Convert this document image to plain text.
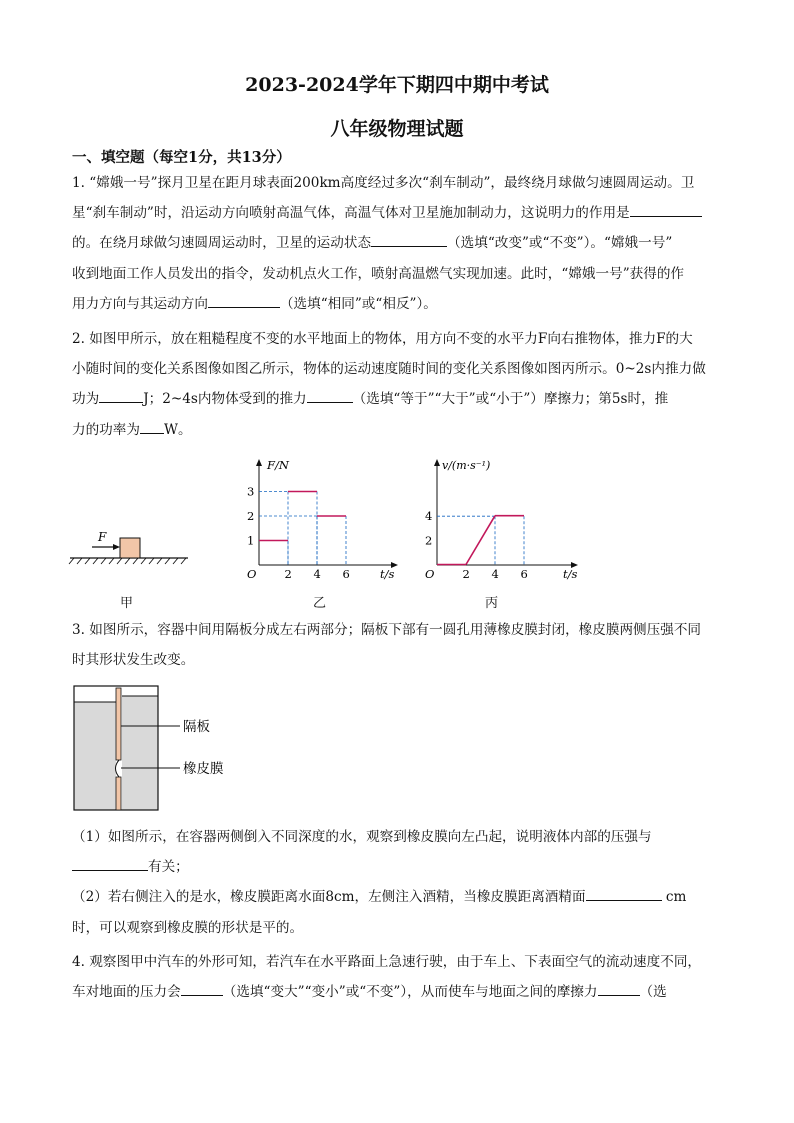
2023-2024学年下期四中期中考试
八年级物理试题
一、填空题（每空1分，共13分）
1. “嫦娥一号”探月卫星在距月球表面200km高度经过多次“刹车制动”，最终绕月球做匀速圆周运动。卫
星“刹车制动”时，沿运动方向喷射高温气体，高温气体对卫星施加制动力，这说明力的作用是
的。在绕月球做匀速圆周运动时，卫星的运动状态	（选填“改变”或“不变”）。“嫦娥一号”
收到地面工作人员发出的指令，发动机点火工作，喷射高温燃气实现加速。此时，“嫦娥一号”获得的作
用力方向与其运动方向	（选填“相同”或“相反”）。
2. 如图甲所示，放在粗糙程度不变的水平地面上的物体，用方向不变的水平力F向右推物体，推力F的大
小随时间的变化关系图像如图乙所示，物体的运动速度随时间的变化关系图像如图丙所示。0~2s内推力做
功为	J；2~4s内物体受到的推力	（选填“等于”“大于”或“小于”）摩擦力；第5s时，推
力的功率为 W。
F
甲
F/N
t/s
O 2 4 6
1
2
3
乙
v/(m·s⁻¹)
t/s
O 2 4 6
2
4
丙
3. 如图所示，容器中间用隔板分成左右两部分；隔板下部有一圆孔用薄橡皮膜封闭，橡皮膜两侧压强不同
时其形状发生改变。
隔板
橡皮膜
（1）如图所示，在容器两侧倒入不同深度的水，观察到橡皮膜向左凸起，说明液体内部的压强与
有关；
（2）若右侧注入的是水，橡皮膜距离水面8cm，左侧注入酒精，当橡皮膜距离酒精面	cm
时，可以观察到橡皮膜的形状是平的。
4. 观察图甲中汽车的外形可知，若汽车在水平路面上急速行驶，由于车上、下表面空气的流动速度不同，
车对地面的压力会	（选填“变大”“变小”或“不变”），从而使车与地面之间的摩擦力	（选
